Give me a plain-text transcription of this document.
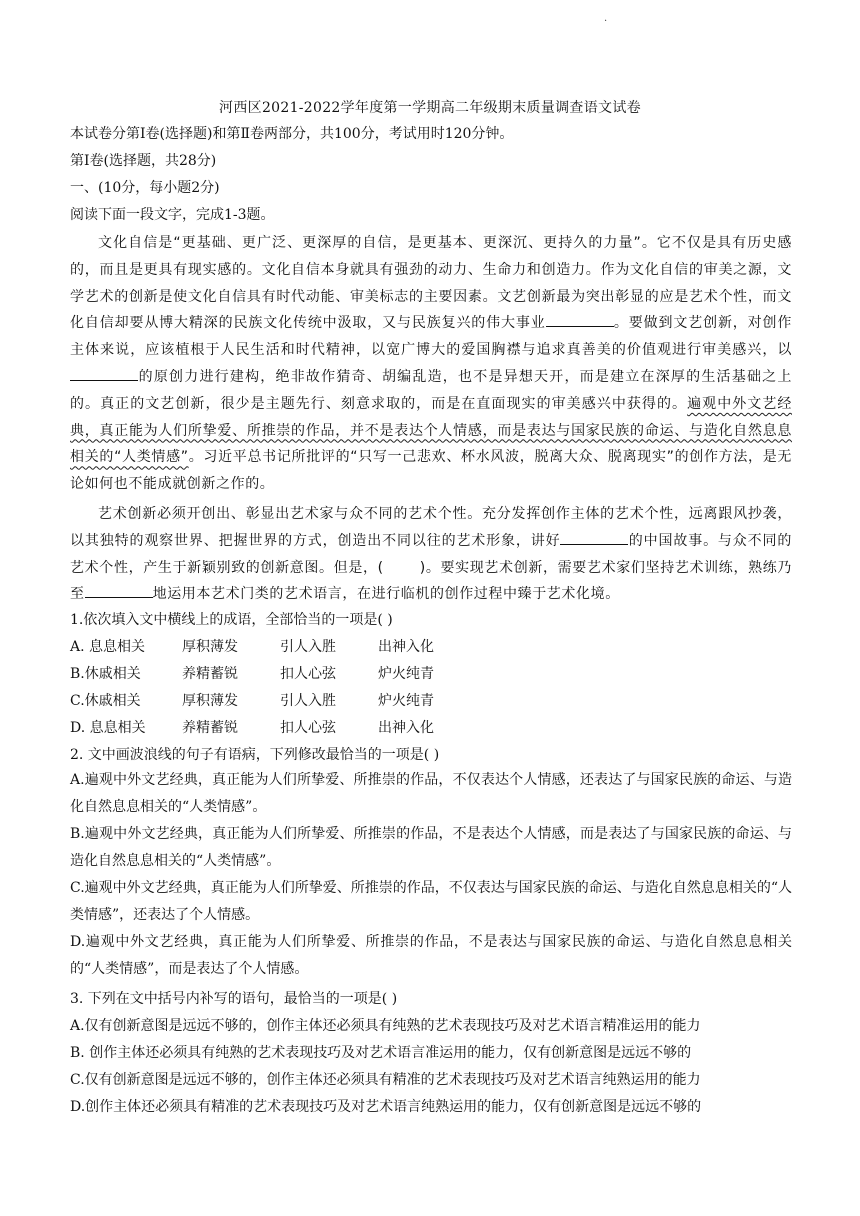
.
河西区2021-2022学年度第一学期高二年级期末质量调查语文试卷
本试卷分第Ⅰ卷(选择题)和第Ⅱ卷两部分，共100分，考试用时120分钟。
第Ⅰ卷(选择题，共28分)
一、(10分，每小题2分)
阅读下面一段文字，完成1-3题。
文化自信是“更基础、更广泛、更深厚的自信，是更基本、更深沉、更持久的力量”。它不仅是具有历史感的，而且是更具有现实感的。文化自信本身就具有强劲的动力、生命力和创造力。作为文化自信的审美之源，文学艺术的创新是使文化自信具有时代动能、审美标志的主要因素。文艺创新最为突出彰显的应是艺术个性，而文化自信却要从博大精深的民族文化传统中汲取，又与民族复兴的伟大事业	。要做到文艺创新，对创作主体来说，应该植根于人民生活和时代精神，以宽广博大的爱国胸襟与追求真善美的价值观进行审美感兴，以的原创力进行建构，绝非故作猜奇、胡编乱造，也不是异想天开，而是建立在深厚的生活基础之上的。真正的文艺创新，很少是主题先行、刻意求取的，而是在直面现实的审美感兴中获得的。遍观中外文艺经典，真正能为人们所挚爱、所推崇的作品，并不是表达个人情感，而是表达与国家民族的命运、与造化自然息息相关的“人类情感”。习近平总书记所批评的“只写一己悲欢、杯水风波，脱离大众、脱离现实”的创作方法，是无论如何也不能成就创新之作的。
艺术创新必须开创出、彰显出艺术家与众不同的艺术个性。充分发挥创作主体的艺术个性，远离跟风抄袭，以其独特的观察世界、把握世界的方式，创造出不同以往的艺术形象，讲好	的中国故事。与众不同的艺术个性，产生于新颖别致的创新意图。但是，(	)。要实现艺术创新，需要艺术家们坚持艺术训练，熟练乃至	地运用本艺术门类的艺术语言，在进行临机的创作过程中臻于艺术化境。
1.依次填入文中横线上的成语，全部恰当的一项是( )
A. 息息相关	厚积薄发	引人入胜	出神入化
B.休戚相关	养精蓄锐	扣人心弦	炉火纯青
C.休戚相关	厚积薄发	引人入胜	炉火纯青
D. 息息相关	养精蓄锐	扣人心弦	出神入化
2. 文中画波浪线的句子有语病，下列修改最恰当的一项是( )
A.遍观中外文艺经典，真正能为人们所挚爱、所推崇的作品，不仅表达个人情感，还表达了与国家民族的命运、与造化自然息息相关的“人类情感”。
B.遍观中外文艺经典，真正能为人们所挚爱、所推崇的作品，不是表达个人情感，而是表达了与国家民族的命运、与造化自然息息相关的“人类情感”。
C.遍观中外文艺经典，真正能为人们所挚爱、所推崇的作品，不仅表达与国家民族的命运、与造化自然息息相关的“人类情感”，还表达了个人情感。
D.遍观中外文艺经典，真正能为人们所挚爱、所推崇的作品，不是表达与国家民族的命运、与造化自然息息相关的“人类情感”，而是表达了个人情感。
3. 下列在文中括号内补写的语句，最恰当的一项是( )
A.仅有创新意图是远远不够的，创作主体还必须具有纯熟的艺术表现技巧及对艺术语言精准运用的能力
B. 创作主体还必须具有纯熟的艺术表现技巧及对艺术语言准运用的能力，仅有创新意图是远远不够的
C.仅有创新意图是远远不够的，创作主体还必须具有精准的艺术表现技巧及对艺术语言纯熟运用的能力
D.创作主体还必须具有精准的艺术表现技巧及对艺术语言纯熟运用的能力，仅有创新意图是远远不够的
